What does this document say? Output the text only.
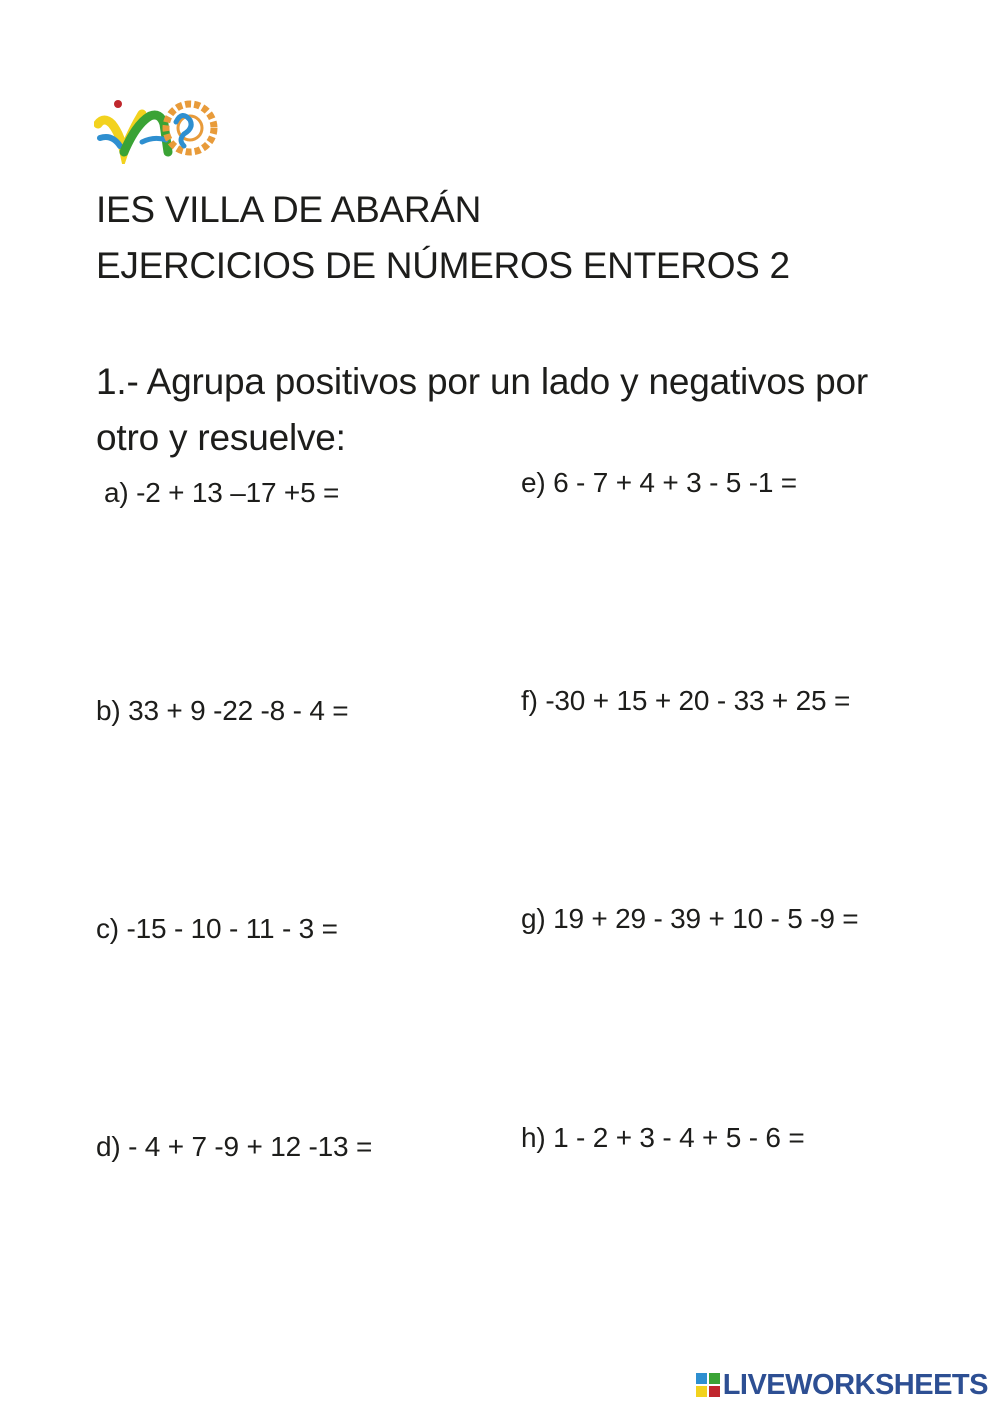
IES VILLA DE ABARÁN
EJERCICIOS DE NÚMEROS ENTEROS 2
1.- Agrupa positivos por un lado y negativos por otro y resuelve:
a) -2 + 13 –17 +5 =
b) 33 + 9 -22 -8 - 4 =
c) -15 - 10 - 11 - 3 =
d) - 4 + 7 -9 + 12 -13 =
e) 6 - 7 + 4 + 3 - 5 -1 =
f) -30 + 15 + 20 - 33 + 25 =
g) 19 + 29 - 39 + 10 - 5 -9 =
h) 1 - 2 + 3 - 4 + 5 - 6 =
LIVEWORKSHEETS
